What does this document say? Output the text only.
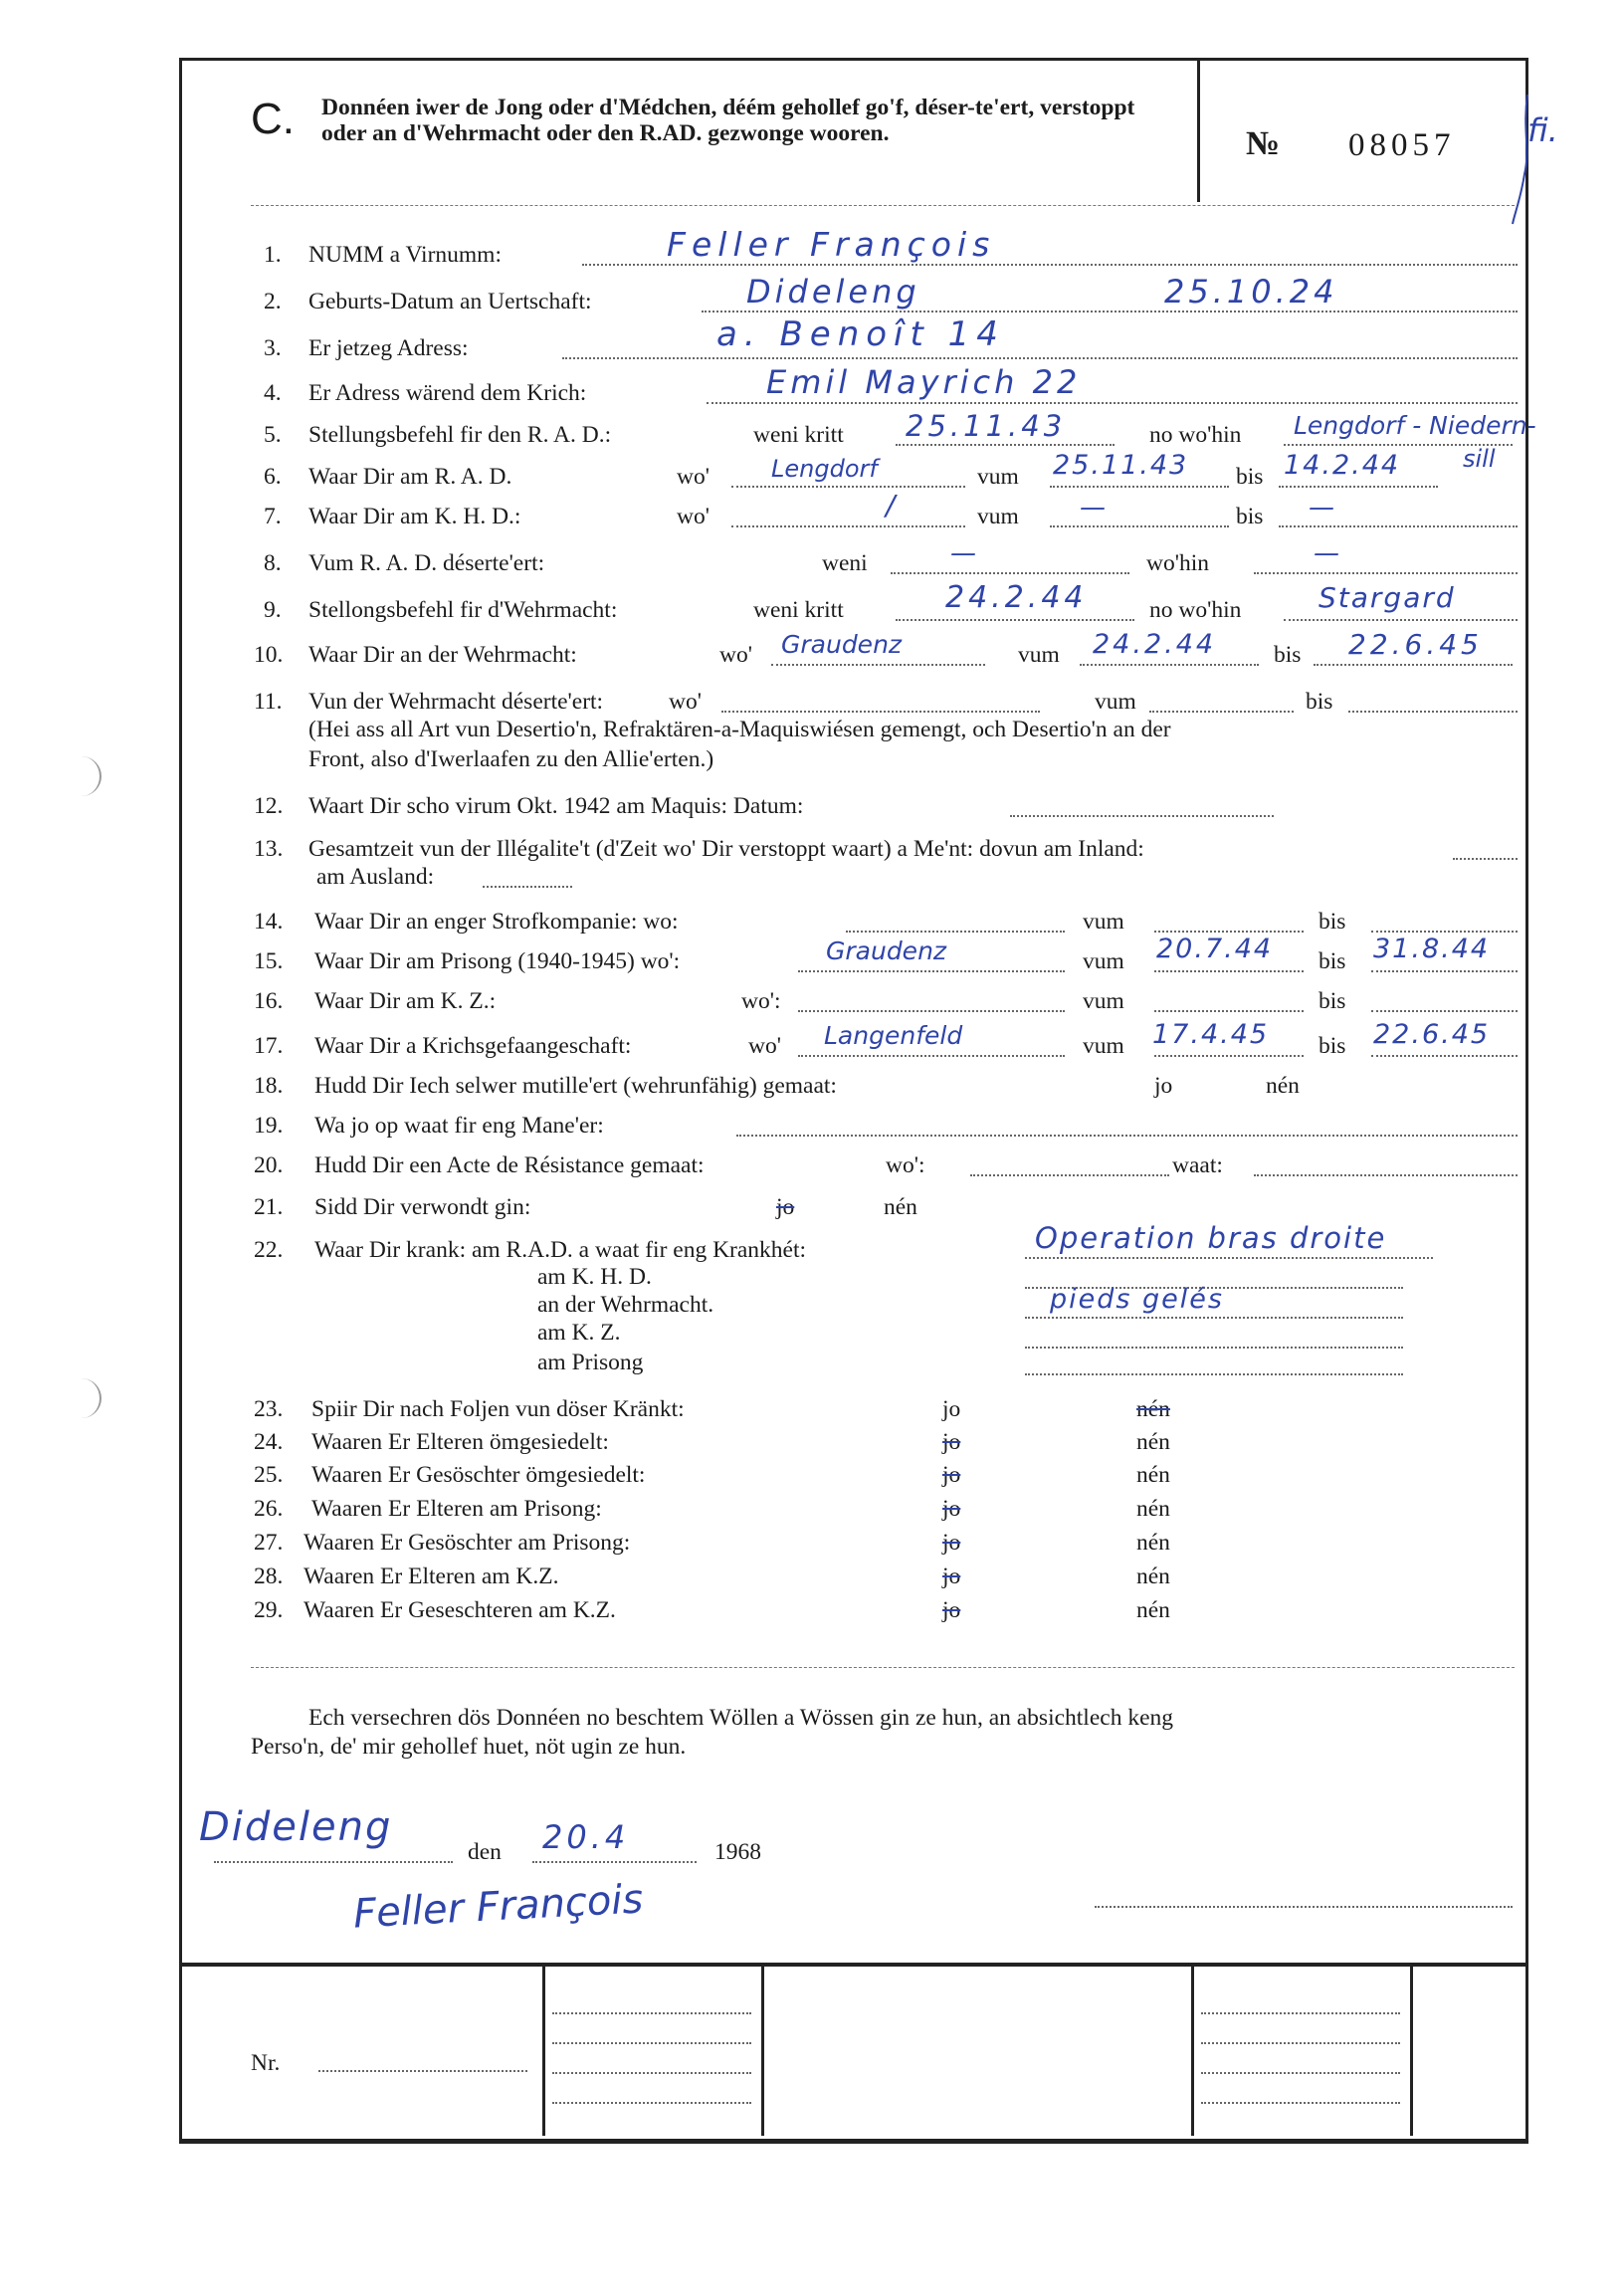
C. Donnéen iwer de Jong oder d'Médchen, déém gehollef go'f, déser-te'ert, verstoppt oder an d'Wehrmacht oder den R.AD. gezwonge wooren.	№ 08057 fi.
1. NUMM a Virnumm:	Feller François
2. Geburts-Datum an Uertschaft:	Dideleng	25.10.24
3. Er jetzeg Adress:	a. Benoît 14
4. Er Adress wärend dem Krich:	Emil Mayrich 22
5. Stellungsbefehl fir den R. A. D.:	weni kritt 25.11.43	no wo'hin Lengdorf - Niedern-
sill
6. Waar Dir am R. A. D.	wo'	Lengdorf	vum 25.11.43 bis 14.2.44
7. Waar Dir am K. H. D.:	wo'	/	vum —	bis —
8. Vum R. A. D. déserte'ert:	weni	—	wo'hin	—
9. Stellongsbefehl fir d'Wehrmacht:	weni kritt	24.2.44	no wo'hin	Stargard
10. Waar Dir an der Wehrmacht:	wo' Graudenz	vum 24.2.44 bis 22.6.45
11. Vun der Wehrmacht déserte'ert:	wo'	vum	bis
(Hei ass all Art vun Desertio'n, Refraktären-a-Maquiswiésen gemengt, och Desertio'n an der
Front, also d'Iwerlaafen zu den Allie'erten.)
12. Waart Dir scho virum Okt. 1942 am Maquis: Datum:
13. Gesamtzeit vun der Illégalite't (d'Zeit wo' Dir verstoppt waart) a Me'nt: dovun am Inland:
am Ausland:
14. Waar Dir an enger Strofkompanie: wo:	vum	bis
15. Waar Dir am Prisong (1940-1945) wo':	Graudenz	vum 20.7.44 bis 31.8.44
16. Waar Dir am K. Z.:	wo':	vum	bis
17. Waar Dir a Krichsgefaangeschaft:	wo' Langenfeld	vum 17.4.45 bis 22.6.45
18. Hudd Dir Iech selwer mutille'ert (wehrunfähig) gemaat:	jo	nén
19. Wa jo op waat fir eng Mane'er:
20. Hudd Dir een Acte de Résistance gemaat:	wo':	waat:
21. Sidd Dir verwondt gin:	jo	nén
22. Waar Dir krank: am R.A.D. a waat fir eng Krankhét:	Operation bras droite
am K. H. D.
an der Wehrmacht.	pieds gelés
am K. Z.
am Prisong
23. Spiir Dir nach Foljen vun döser Kränkt:	jo	nén
24. Waaren Er Elteren ömgesiedelt:	jo	nén
25. Waaren Er Gesöschter ömgesiedelt:	jo	nén
26. Waaren Er Elteren am Prisong:	jo	nén
27. Waaren Er Gesöschter am Prisong:	jo	nén
28. Waaren Er Elteren am K.Z.	jo	nén
29. Waaren Er Geseschteren am K.Z.	jo	nén
Ech versechren dös Donnéen no beschtem Wöllen a Wössen gin ze hun, an absichtlech keng
Perso'n, de' mir gehollef huet, nöt ugin ze hun.
Dideleng
den 20.4	1968
Feller François
Nr.
